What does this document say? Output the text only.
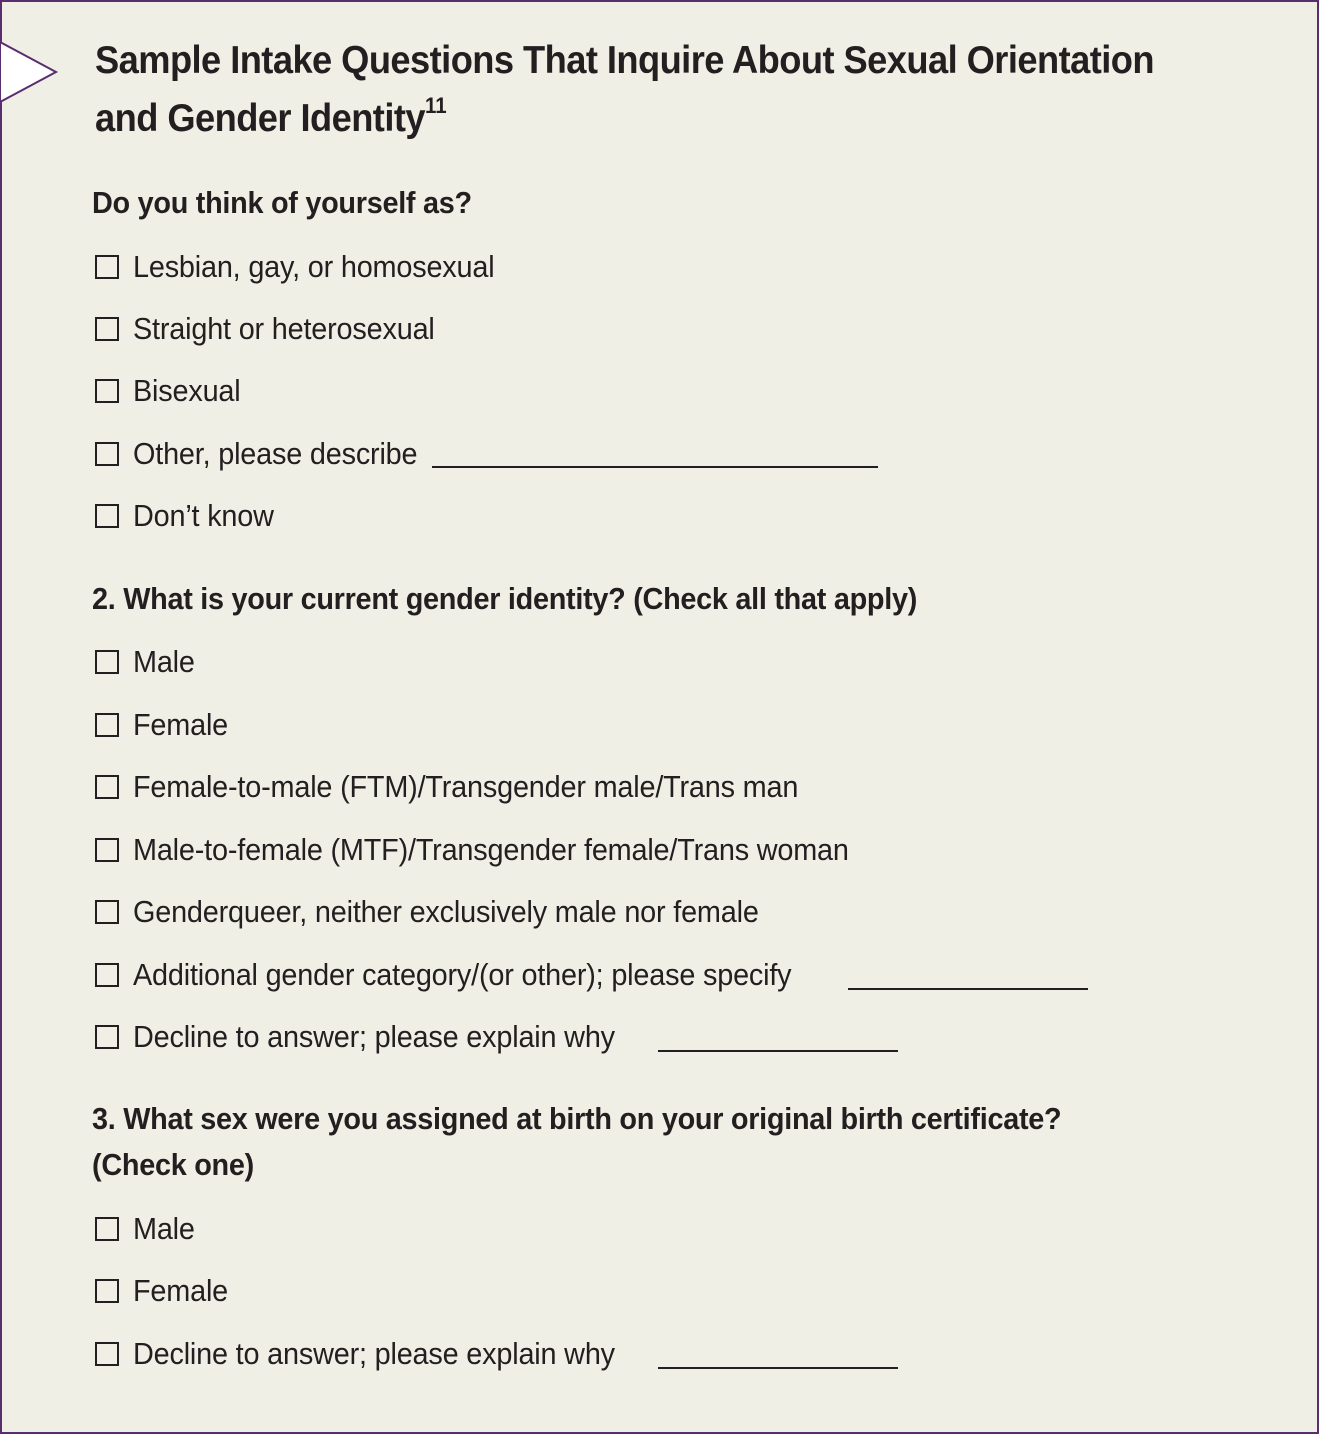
Sample Intake Questions That Inquire About Sexual Orientation and Gender Identity$^{11}$

Do you think of yourself as?

Lesbian, gay, or homosexual
Straight or heterosexual
Bisexual
Other, please describe
Don’t know

2. What is your current gender identity? (Check all that apply)

Male
Female
Female-to-male (FTM)/Transgender male/Trans man
Male-to-female (MTF)/Transgender female/Trans woman
Genderqueer, neither exclusively male nor female
Additional gender category/(or other); please specify
Decline to answer; please explain why

3. What sex were you assigned at birth on your original birth certificate?
(Check one)

Male
Female
Decline to answer; please explain why
